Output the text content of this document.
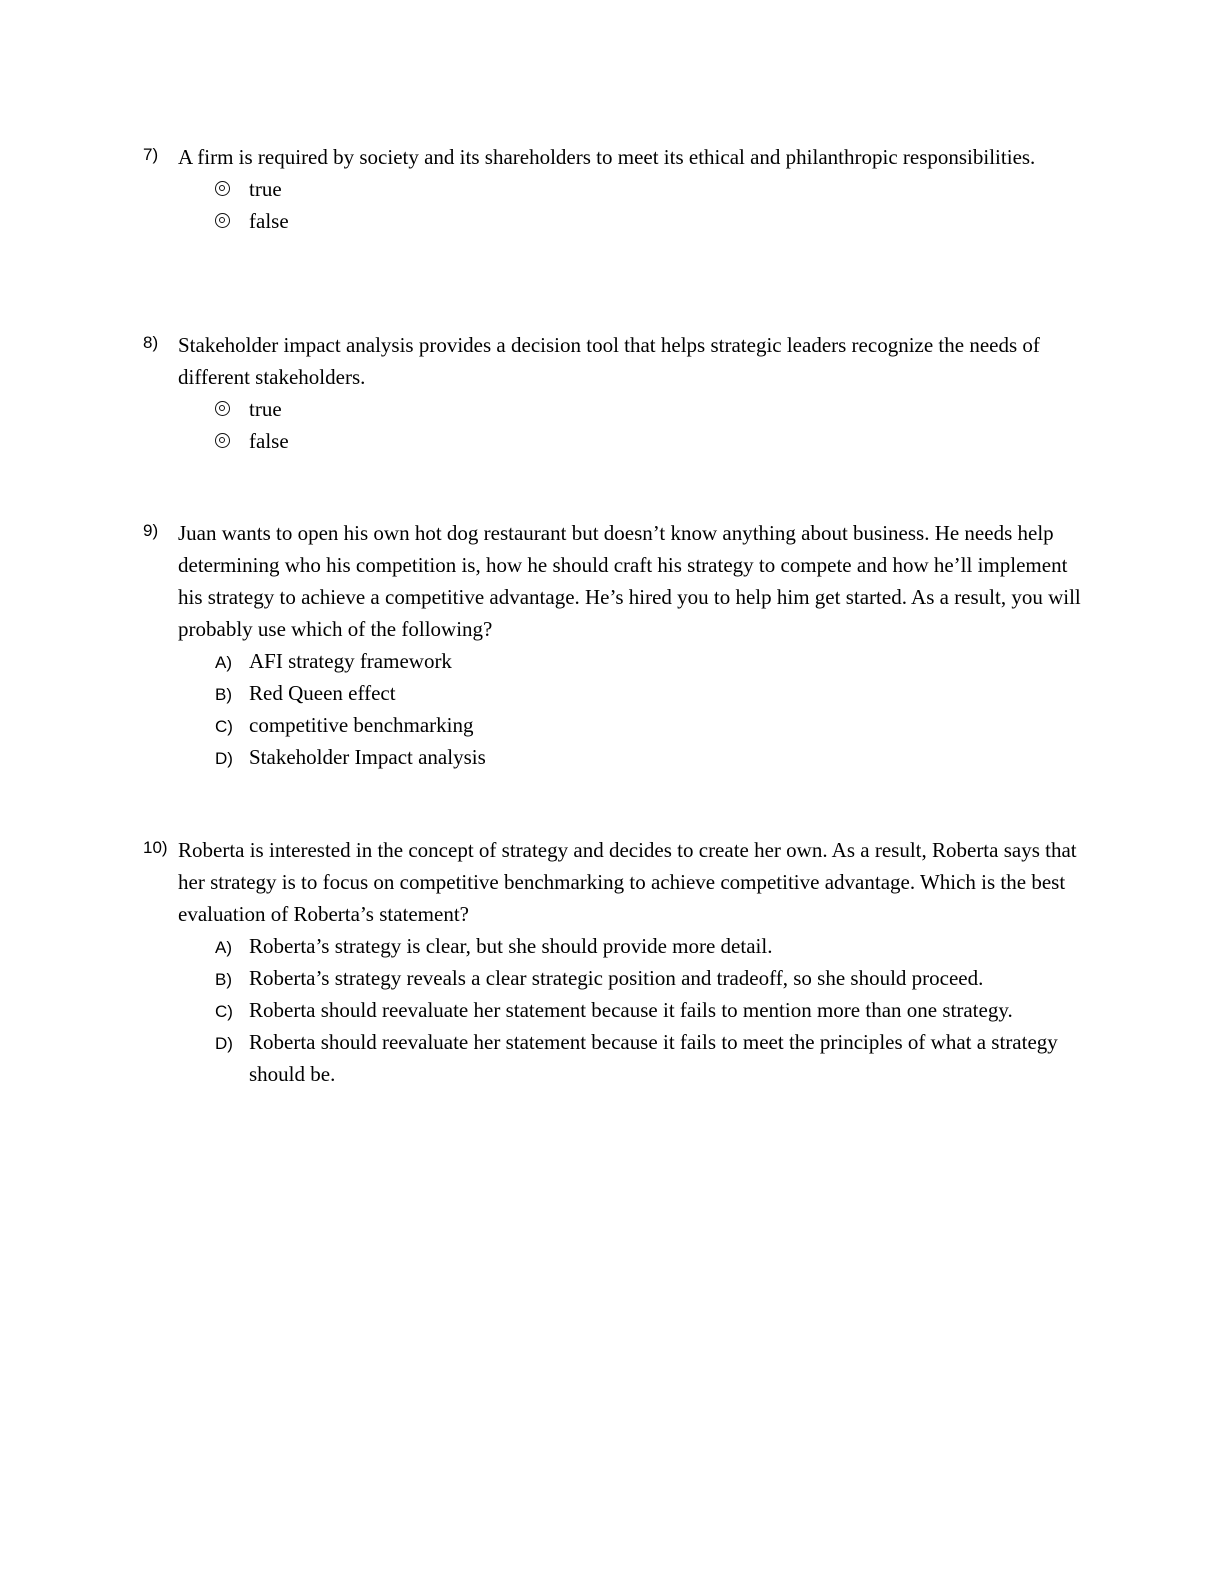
7) A firm is required by society and its shareholders to meet its ethical and philanthropic responsibilities.
true
false
8) Stakeholder impact analysis provides a decision tool that helps strategic leaders recognize the needs of different stakeholders.
true
false
9) Juan wants to open his own hot dog restaurant but doesn’t know anything about business. He needs help determining who his competition is, how he should craft his strategy to compete and how he’ll implement his strategy to achieve a competitive advantage. He’s hired you to help him get started. As a result, you will probably use which of the following?
A) AFI strategy framework
B) Red Queen effect
C) competitive benchmarking
D) Stakeholder Impact analysis
10) Roberta is interested in the concept of strategy and decides to create her own. As a result, Roberta says that her strategy is to focus on competitive benchmarking to achieve competitive advantage. Which is the best evaluation of Roberta’s statement?
A) Roberta’s strategy is clear, but she should provide more detail.
B) Roberta’s strategy reveals a clear strategic position and tradeoff, so she should proceed.
C) Roberta should reevaluate her statement because it fails to mention more than one strategy.
D) Roberta should reevaluate her statement because it fails to meet the principles of what a strategy should be.
